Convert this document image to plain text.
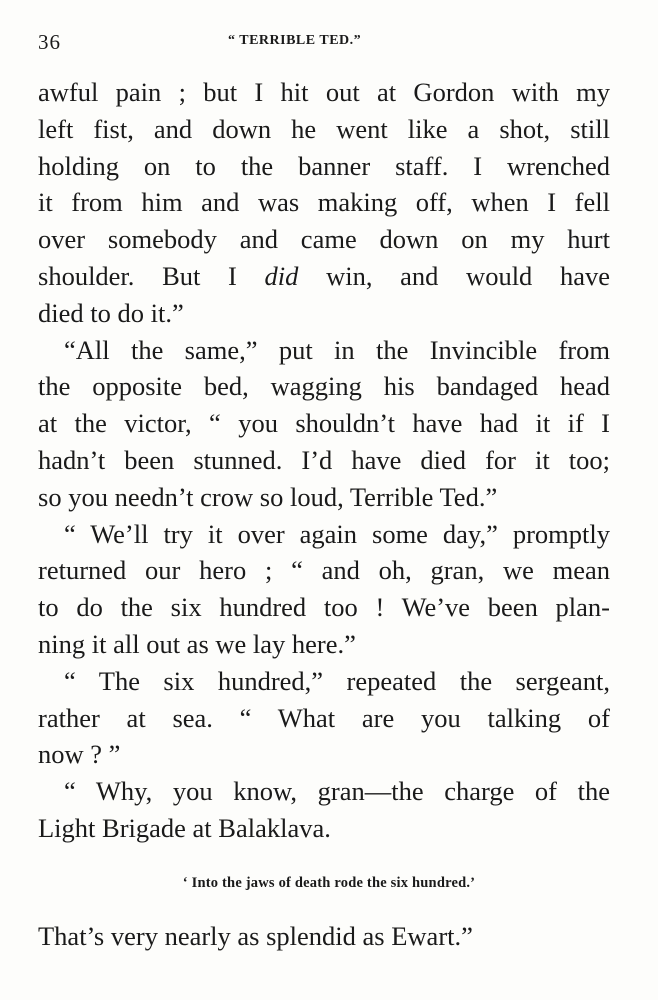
36	“ TERRIBLE TED.”
awful pain ; but I hit out at Gordon with my
left fist, and down he went like a shot, still
holding on to the banner staff. I wrenched
it from him and was making off, when I fell
over somebody and came down on my hurt
shoulder. But I did win, and would have
died to do it.”
“All the same,” put in the Invincible from
the opposite bed, wagging his bandaged head
at the victor, “ you shouldn’t have had it if I
hadn’t been stunned. I’d have died for it too;
so you needn’t crow so loud, Terrible Ted.”
“ We’ll try it over again some day,” promptly
returned our hero ; “ and oh, gran, we mean
to do the six hundred too ! We’ve been plan-
ning it all out as we lay here.”
“ The six hundred,” repeated the sergeant,
rather at sea. “ What are you talking of
now ? ”
“ Why, you know, gran—the charge of the
Light Brigade at Balaklava.
‘ Into the jaws of death rode the six hundred.’
That’s very nearly as splendid as Ewart.”
